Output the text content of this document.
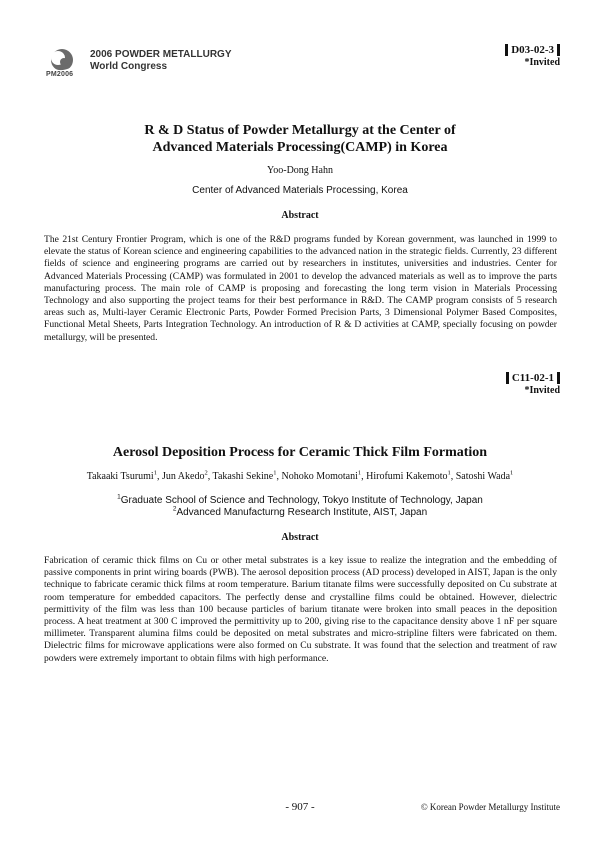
PM2006
2006 POWDER METALLURGY
World Congress
D03-02-3
*Invited
R & D Status of Powder Metallurgy at the Center of
Advanced Materials Processing(CAMP) in Korea
Yoo-Dong Hahn
Center of Advanced Materials Processing, Korea
Abstract
The 21st Century Frontier Program, which is one of the R&D programs funded by Korean government, was launched in 1999 to elevate the status of Korean science and engineering capabilities to the advanced nation in the strategic fields. Currently, 23 different fields of science and engineering programs are carried out by researchers in institutes, universities and industries. Center for Advanced Materials Processing (CAMP) was formulated in 2001 to develop the advanced materials as well as to improve the parts manufacturing process. The main role of CAMP is proposing and forecasting the long term vision in Materials Processing Technology and also supporting the project teams for their best performance in R&D. The CAMP program consists of 5 research areas such as, Multi-layer Ceramic Electronic Parts, Powder Formed Precision Parts, 3 Dimensional Polymer Based Composites, Functional Metal Sheets, Parts Integration Technology. An introduction of R & D activities at CAMP, specially focusing on powder metallurgy, will be presented.
C11-02-1
*Invited
Aerosol Deposition Process for Ceramic Thick Film Formation
Takaaki Tsurumi$^1$, Jun Akedo$^2$, Takashi Sekine$^1$, Nohoko Momotani$^1$, Hirofumi Kakemoto$^1$, Satoshi Wada$^1$
$^1$Graduate School of Science and Technology, Tokyo Institute of Technology, Japan
$^2$Advanced Manufacturng Research Institute, AIST, Japan
Abstract
Fabrication of ceramic thick films on Cu or other metal substrates is a key issue to realize the integration and the embedding of passive components in print wiring boards (PWB). The aerosol deposition process (AD process) developed in AIST, Japan is the only technique to fabricate ceramic thick films at room temperature. Barium titanate films were successfully deposited on Cu substrate at room temperature for embedded capacitors. The perfectly dense and crystalline films could be obtained. However, dielectric permittivity of the film was less than 100 because particles of barium titanate were broken into small peaces in the deposition process. A heat treatment at 300 C improved the permittivity up to 200, giving rise to the capacitance density above 1 nF per square millimeter. Transparent alumina films could be deposited on metal substrates and micro-stripline filters were fabricated on them. Dielectric films for microwave applications were also formed on Cu substrate. It was found that the selection and treatment of raw powders were extremely important to obtain films with high performance.
- 907 -	© Korean Powder Metallurgy Institute
